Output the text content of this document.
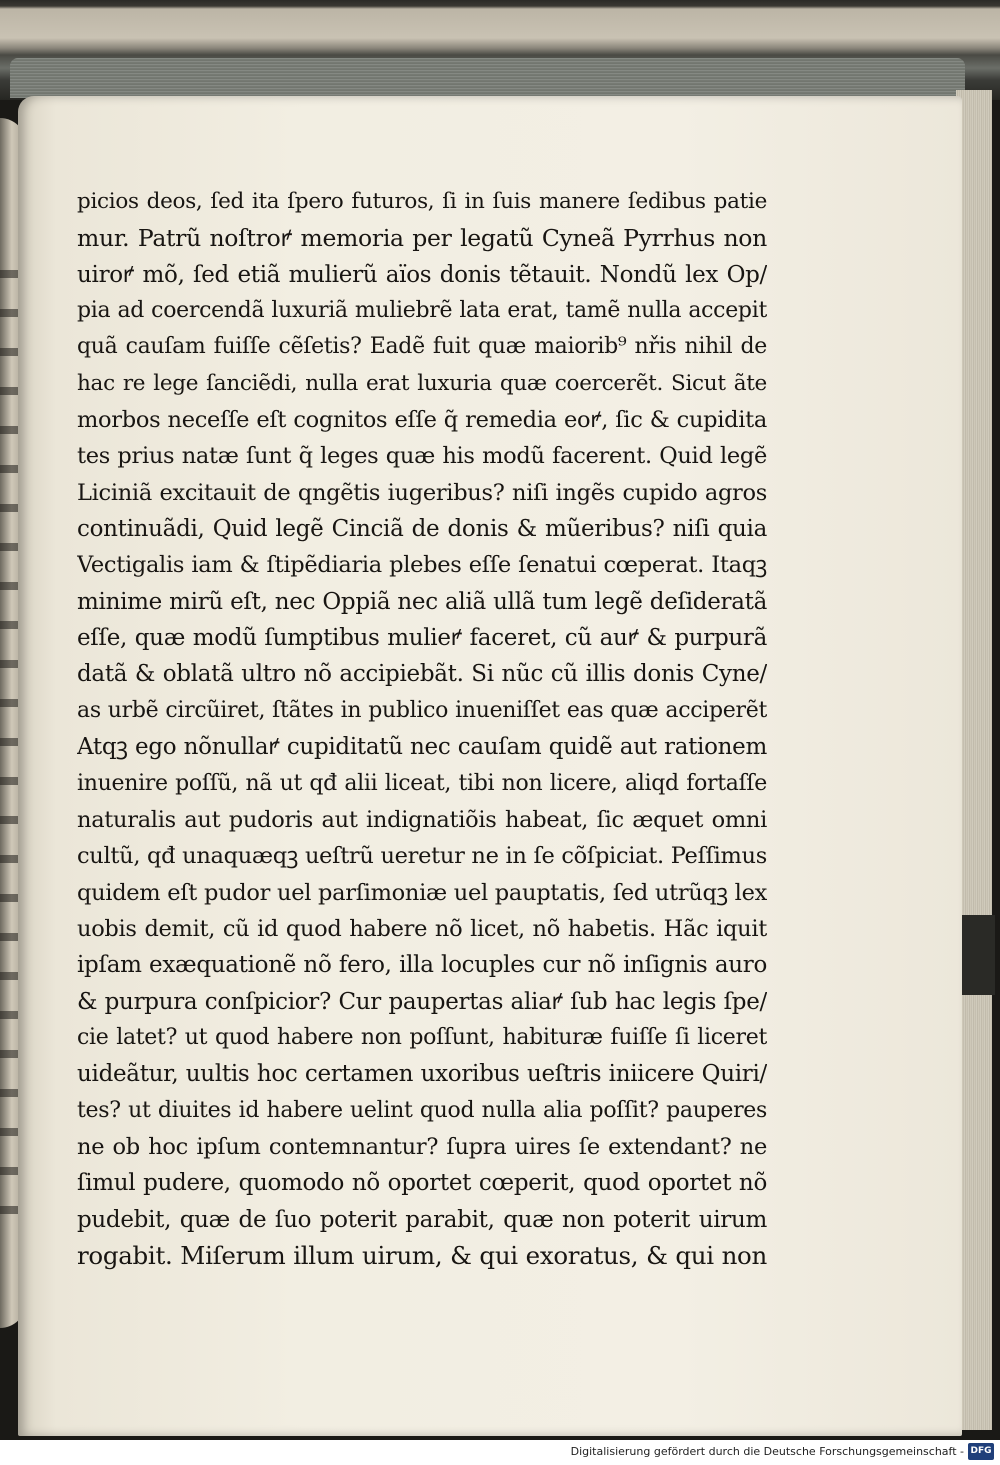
picios deos, ſed ita ſpero futuros, ſi in ſuis manere ſedibus patie
mur. Patrũ noſtroꝵ memoria per legatũ Cyneã Pyrrhus non
uiroꝵ mõ, ſed etiã mulierũ aïos donis tẽtauit. Nondũ lex Op/
pia ad coercendã luxuriã muliebrẽ lata erat, tamẽ nulla accepit
quã cauſam fuiſſe cẽſetis? Eadẽ fuit quæ maiorib⁹ nřis nihil de
hac re lege ſanciẽdi, nulla erat luxuria quæ coercerẽt. Sicut ãte
morbos neceſſe eſt cognitos eſſe q̃ remedia eoꝵ, ſic & cupidita
tes prius natæ ſunt q̃ leges quæ his modũ facerent. Quid legẽ
Liciniã excitauit de qngẽtis iugeribus? niſi ingẽs cupido agros
continuãdi, Quid legẽ Cinciã de donis & mũeribus? niſi quia
Vectigalis iam & ſtipẽdiaria plebes eſſe ſenatui cœperat. Itaqꝫ
minime mirũ eſt, nec Oppiã nec aliã ullã tum legẽ deſideratã
eſſe, quæ modũ ſumptibus mulieꝵ faceret, cũ auꝵ & purpurã
datã & oblatã ultro nõ accipiebãt. Si nũc cũ illis donis Cyne/
as urbẽ circũiret, ſtãtes in publico inueniſſet eas quæ acciperẽt
Atqꝫ ego nõnullaꝵ cupiditatũ nec cauſam quidẽ aut rationem
inuenire poſſũ, nã ut qđ alii liceat, tibi non licere, aliqd fortaſſe
naturalis aut pudoris aut indignatiõis habeat, ſic æquet omni
cultũ, qđ unaquæqꝫ ueſtrũ ueretur ne in ſe cõſpiciat. Peſſimus
quidem eſt pudor uel parſimoniæ uel pauptatis, ſed utrũqꝫ lex
uobis demit, cũ id quod habere nõ licet, nõ habetis. Hãc iquit
ipſam exæquationẽ nõ fero, illa locuples cur nõ inſignis auro
& purpura conſpicior? Cur paupertas aliaꝵ ſub hac legis ſpe/
cie latet? ut quod habere non poſſunt, habituræ fuiſſe ſi liceret
uideãtur, uultis hoc certamen uxoribus ueſtris iniicere Quiri/
tes? ut diuites id habere uelint quod nulla alia poſſit? pauperes
ne ob hoc ipſum contemnantur? ſupra uires ſe extendant? ne
ſimul pudere, quomodo nõ oportet cœperit, quod oportet nõ
pudebit, quæ de ſuo poterit parabit, quæ non poterit uirum
rogabit. Miſerum illum uirum, & qui exoratus, & qui non
Digitalisierung gefördert durch die Deutsche Forschungsgemeinschaft - DFG
